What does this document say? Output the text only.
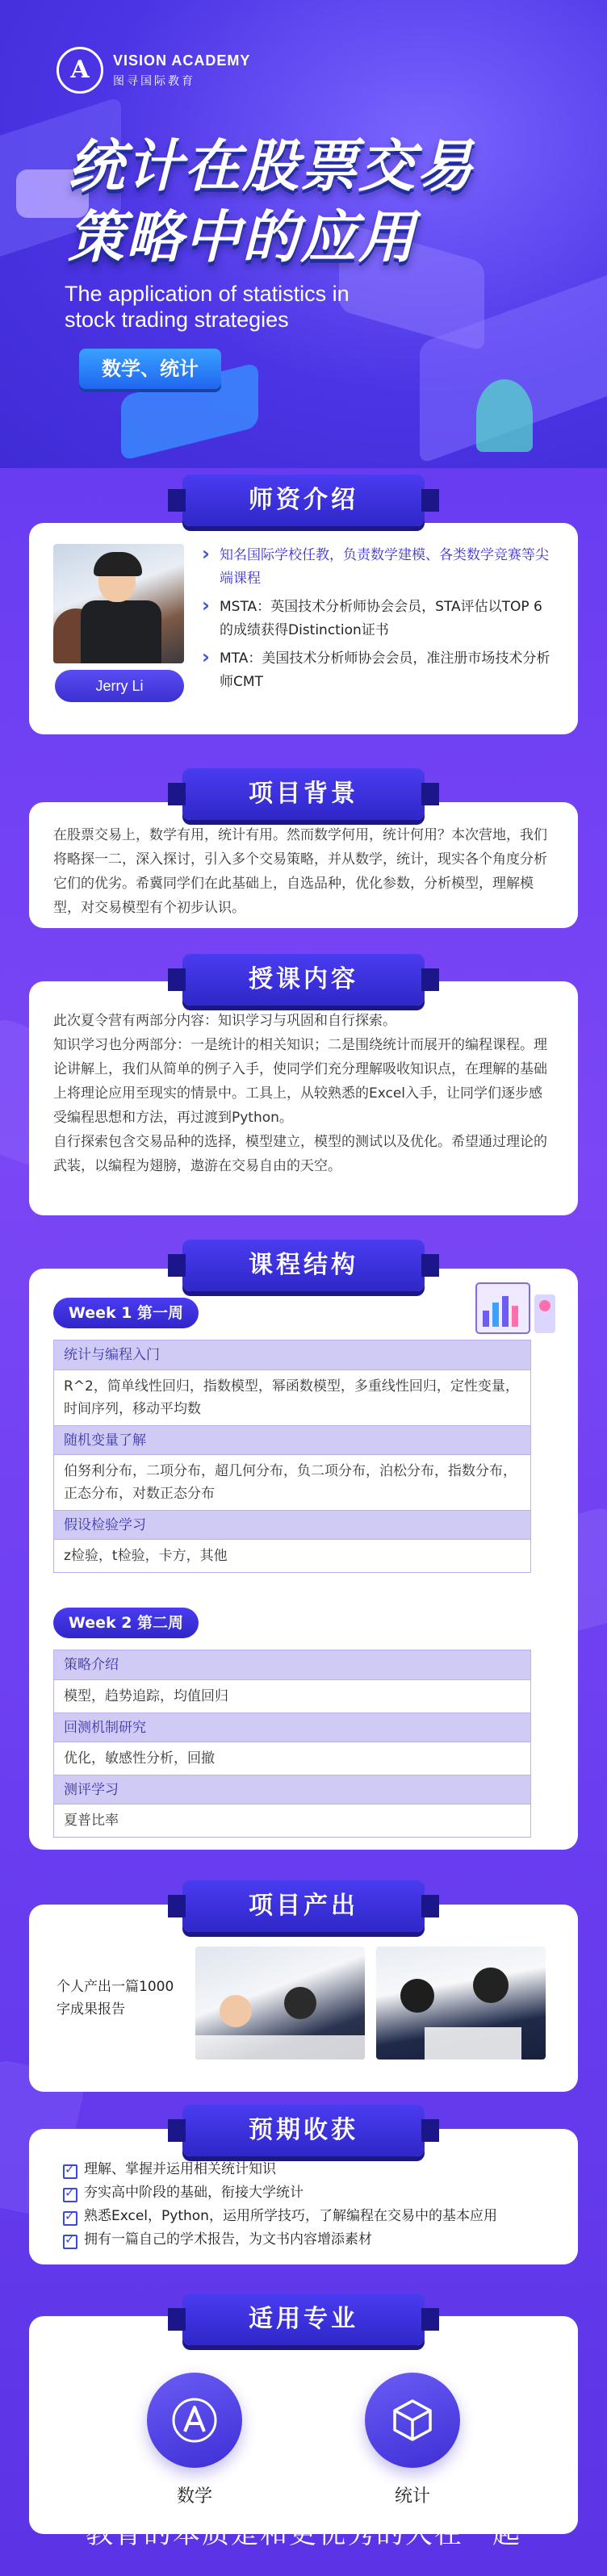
A
VISION ACADEMY
图寻国际教育
统计在股票交易
策略中的应用
The application of statistics in stock trading strategies
数学、统计
Jerry Li
› 知名国际学校任教，负责数学建模、各类数学竞赛等尖端课程
› MSTA：英国技术分析师协会会员，STA评估以TOP 6的成绩获得Distinction证书
› MTA：美国技术分析师协会会员，准注册市场技术分析师CMT
师资介绍

在股票交易上，数学有用，统计有用。然而数学何用，统计何用？本次营地，我们将略探一二，深入探讨，引入多个交易策略，并从数学，统计，现实各个角度分析它们的优劣。希冀同学们在此基础上，自选品种，优化参数，分析模型，理解模型，对交易模型有个初步认识。

项目背景

此次夏令营有两部分内容：知识学习与巩固和自行探索。

知识学习也分两部分：一是统计的相关知识；二是围绕统计而展开的编程课程。理论讲解上，我们从简单的例子入手，使同学们充分理解吸收知识点，在理解的基础上将理论应用至现实的情景中。工具上，从较熟悉的Excel入手，让同学们逐步感受编程思想和方法，再过渡到Python。

自行探索包含交易品种的选择，模型建立，模型的测试以及优化。希望通过理论的武装，以编程为翅膀，遨游在交易自由的天空。

授课内容
Week 1 第一周
统计与编程入门
R^2，简单线性回归，指数模型，幂函数模型，多重线性回归，定性变量，时间序列，移动平均数
随机变量了解
伯努利分布，二项分布，超几何分布，负二项分布，泊松分布，指数分布，正态分布，对数正态分布
假设检验学习
z检验，t检验，卡方，其他
Week 2 第二周
策略介绍
模型，趋势追踪，均值回归
回测机制研究
优化，敏感性分析，回撤
测评学习
夏普比率
课程结构
个人产出一篇1000字成果报告
项目产出
理解、掌握并运用相关统计知识 ✓
夯实高中阶段的基础，衔接大学统计 ✓
熟悉Excel，Python，运用所学技巧，了解编程在交易中的基本应用 ✓
拥有一篇自己的学术报告，为文书内容增添素材 ✓
预期收获
数学	统计
适用专业
教育的本质是和更优秀的人在一起
